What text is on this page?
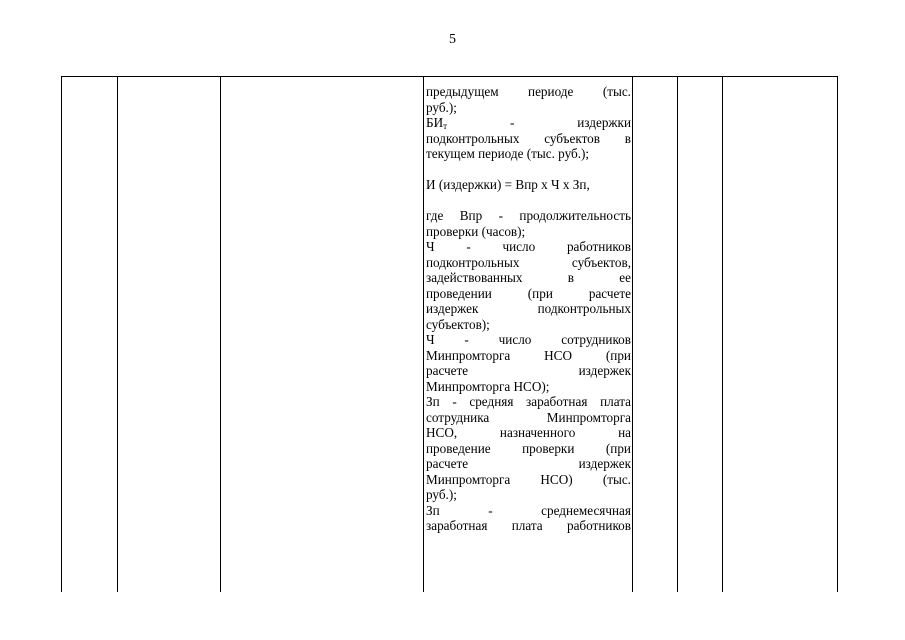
5
предыдущем периоде (тыс.
руб.);
$БИ_т$	-	издержки
подконтрольных субъектов в
текущем периоде (тыс. руб.);
И (издержки) = Впр х Ч х Зп,
где Впр - продолжительность
проверки (часов);
Ч - число работников
подконтрольных	субъектов,
задействованных	в	ее
проведении	(при	расчете
издержек	подконтрольных
субъектов);
Ч - число сотрудников
Минпромторга	НСО	(при
расчете	издержек
Минпромторга НСО);
Зп - средняя заработная плата
сотрудника	Минпромторга
НСО,	назначенного	на
проведение проверки (при
расчете	издержек
Минпромторга НСО) (тыс.
руб.);
Зп	-	среднемесячная
заработная плата работников
